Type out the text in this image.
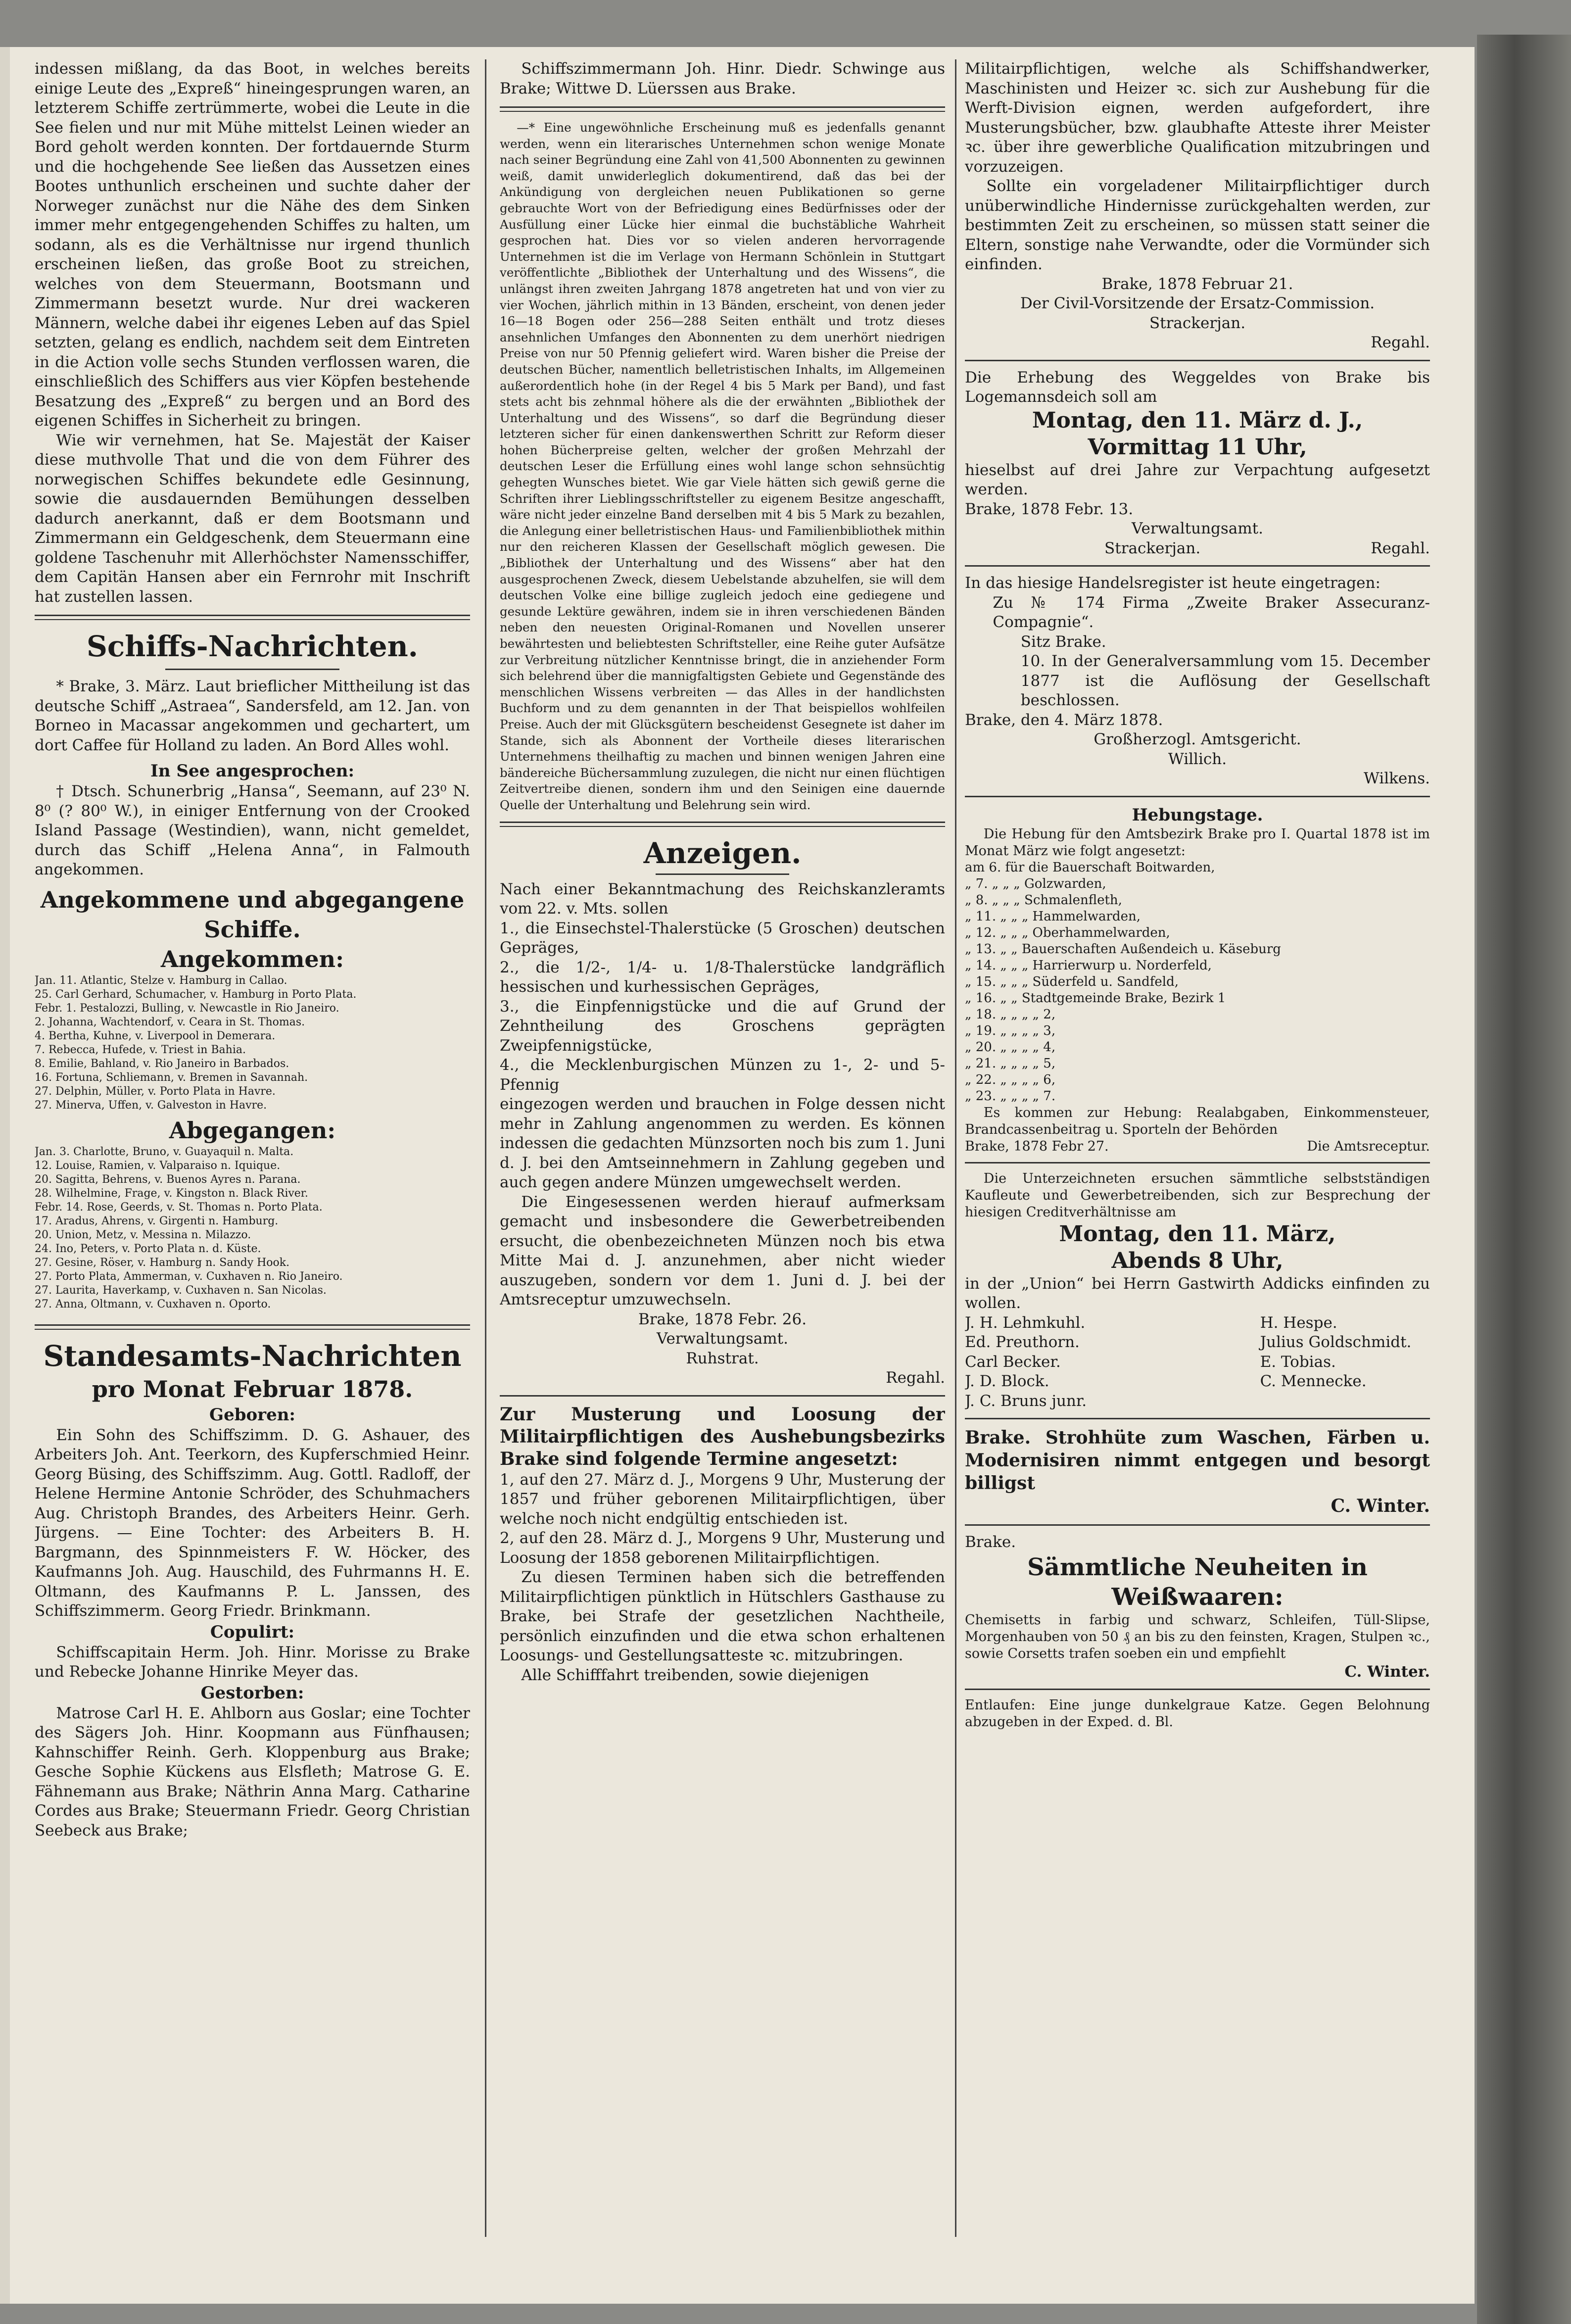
indessen mißlang, da das Boot, in welches bereits einige Leute des „Expreß“ hineingesprungen waren, an letzterem Schiffe zertrümmerte, wobei die Leute in die See fielen und nur mit Mühe mittelst Leinen wieder an Bord geholt werden konnten. Der fortdauernde Sturm und die hochgehende See ließen das Aussetzen eines Bootes unthunlich erscheinen und suchte daher der Norweger zunächst nur die Nähe des dem Sinken immer mehr entgegengehenden Schiffes zu halten, um sodann, als es die Verhältnisse nur irgend thunlich erscheinen ließen, das große Boot zu streichen, welches von dem Steuermann, Bootsmann und Zimmermann besetzt wurde. Nur drei wackeren Männern, welche dabei ihr eigenes Leben auf das Spiel setzten, gelang es endlich, nachdem seit dem Eintreten in die Action volle sechs Stunden verflossen waren, die einschließlich des Schiffers aus vier Köpfen bestehende Besatzung des „Expreß“ zu bergen und an Bord des eigenen Schiffes in Sicherheit zu bringen.

Wie wir vernehmen, hat Se. Majestät der Kaiser diese muthvolle That und die von dem Führer des norwegischen Schiffes bekundete edle Gesinnung, sowie die ausdauernden Bemühungen desselben dadurch anerkannt, daß er dem Bootsmann und Zimmermann ein Geldgeschenk, dem Steuermann eine goldene Taschenuhr mit Allerhöchster Namensschiffer, dem Capitän Hansen aber ein Fernrohr mit Inschrift hat zustellen lassen.

Schiffs-Nachrichten.

* Brake, 3. März. Laut brieflicher Mittheilung ist das deutsche Schiff „Astraea“, Sandersfeld, am 12. Jan. von Borneo in Macassar angekommen und gechartert, um dort Caffee für Holland zu laden. An Bord Alles wohl.

In See angesprochen:

† Dtsch. Schunerbrig „Hansa“, Seemann, auf 23⁰ N. 8⁰ (? 80⁰ W.), in einiger Entfernung von der Crooked Island Passage (Westindien), wann, nicht gemeldet, durch das Schiff „Helena Anna“, in Falmouth angekommen.

Angekommene und abgegangene Schiffe.
Angekommen:
Jan. 11. Atlantic, Stelze v. Hamburg in Callao.
25. Carl Gerhard, Schumacher, v. Hamburg in Porto Plata.
Febr. 1. Pestalozzi, Bulling, v. Newcastle in Rio Janeiro.
2. Johanna, Wachtendorf, v. Ceara in St. Thomas.
4. Bertha, Kuhne, v. Liverpool in Demerara.
7. Rebecca, Hufede, v. Triest in Bahia.
8. Emilie, Bahland, v. Rio Janeiro in Barbados.
16. Fortuna, Schliemann, v. Bremen in Savannah.
27. Delphin, Müller, v. Porto Plata in Havre.
27. Minerva, Uffen, v. Galveston in Havre.
Abgegangen:
Jan. 3. Charlotte, Bruno, v. Guayaquil n. Malta.
12. Louise, Ramien, v. Valparaiso n. Iquique.
20. Sagitta, Behrens, v. Buenos Ayres n. Parana.
28. Wilhelmine, Frage, v. Kingston n. Black River.
Febr. 14. Rose, Geerds, v. St. Thomas n. Porto Plata.
17. Aradus, Ahrens, v. Girgenti n. Hamburg.
20. Union, Metz, v. Messina n. Milazzo.
24. Ino, Peters, v. Porto Plata n. d. Küste.
27. Gesine, Röser, v. Hamburg n. Sandy Hook.
27. Porto Plata, Ammerman, v. Cuxhaven n. Rio Janeiro.
27. Laurita, Haverkamp, v. Cuxhaven n. San Nicolas.
27. Anna, Oltmann, v. Cuxhaven n. Oporto.
Standesamts-Nachrichten
pro Monat Februar 1878.
Geboren:

Ein Sohn des Schiffszimm. D. G. Ashauer, des Arbeiters Joh. Ant. Teerkorn, des Kupferschmied Heinr. Georg Büsing, des Schiffszimm. Aug. Gottl. Radloff, der Helene Hermine Antonie Schröder, des Schuhmachers Aug. Christoph Brandes, des Arbeiters Heinr. Gerh. Jürgens. — Eine Tochter: des Arbeiters B. H. Bargmann, des Spinnmeisters F. W. Höcker, des Kaufmanns Joh. Aug. Hauschild, des Fuhrmanns H. E. Oltmann, des Kaufmanns P. L. Janssen, des Schiffszimmerm. Georg Friedr. Brinkmann.

Copulirt:

Schiffscapitain Herm. Joh. Hinr. Morisse zu Brake und Rebecke Johanne Hinrike Meyer das.

Gestorben:

Matrose Carl H. E. Ahlborn aus Goslar; eine Tochter des Sägers Joh. Hinr. Koopmann aus Fünfhausen; Kahnschiffer Reinh. Gerh. Kloppenburg aus Brake; Gesche Sophie Kückens aus Elsfleth; Matrose G. E. Fähnemann aus Brake; Näthrin Anna Marg. Catharine Cordes aus Brake; Steuermann Friedr. Georg Christian Seebeck aus Brake;

Schiffszimmermann Joh. Hinr. Diedr. Schwinge aus Brake; Wittwe D. Lüerssen aus Brake.

—* Eine ungewöhnliche Erscheinung muß es jedenfalls genannt werden, wenn ein literarisches Unternehmen schon wenige Monate nach seiner Begründung eine Zahl von 41,500 Abonnenten zu gewinnen weiß, damit unwiderleglich dokumentirend, daß das bei der Ankündigung von dergleichen neuen Publikationen so gerne gebrauchte Wort von der Befriedigung eines Bedürfnisses oder der Ausfüllung einer Lücke hier einmal die buchstäbliche Wahrheit gesprochen hat. Dies vor so vielen anderen hervorragende Unternehmen ist die im Verlage von Hermann Schönlein in Stuttgart veröffentlichte „Bibliothek der Unterhaltung und des Wissens“, die unlängst ihren zweiten Jahrgang 1878 angetreten hat und von vier zu vier Wochen, jährlich mithin in 13 Bänden, erscheint, von denen jeder 16—18 Bogen oder 256—288 Seiten enthält und trotz dieses ansehnlichen Umfanges den Abonnenten zu dem unerhört niedrigen Preise von nur 50 Pfennig geliefert wird. Waren bisher die Preise der deutschen Bücher, namentlich belletristischen Inhalts, im Allgemeinen außerordentlich hohe (in der Regel 4 bis 5 Mark per Band), und fast stets acht bis zehnmal höhere als die der erwähnten „Bibliothek der Unterhaltung und des Wissens“, so darf die Begründung dieser letzteren sicher für einen dankenswerthen Schritt zur Reform dieser hohen Bücherpreise gelten, welcher der großen Mehrzahl der deutschen Leser die Erfüllung eines wohl lange schon sehnsüchtig gehegten Wunsches bietet. Wie gar Viele hätten sich gewiß gerne die Schriften ihrer Lieblingsschriftsteller zu eigenem Besitze angeschafft, wäre nicht jeder einzelne Band derselben mit 4 bis 5 Mark zu bezahlen, die Anlegung einer belletristischen Haus- und Familienbibliothek mithin nur den reicheren Klassen der Gesellschaft möglich gewesen. Die „Bibliothek der Unterhaltung und des Wissens“ aber hat den ausgesprochenen Zweck, diesem Uebelstande abzuhelfen, sie will dem deutschen Volke eine billige zugleich jedoch eine gediegene und gesunde Lektüre gewähren, indem sie in ihren verschiedenen Bänden neben den neuesten Original-Romanen und Novellen unserer bewährtesten und beliebtesten Schriftsteller, eine Reihe guter Aufsätze zur Verbreitung nützlicher Kenntnisse bringt, die in anziehender Form sich belehrend über die mannigfaltigsten Gebiete und Gegenstände des menschlichen Wissens verbreiten — das Alles in der handlichsten Buchform und zu dem genannten in der That beispiellos wohlfeilen Preise. Auch der mit Glücksgütern bescheidenst Gesegnete ist daher im Stande, sich als Abonnent der Vortheile dieses literarischen Unternehmens theilhaftig zu machen und binnen wenigen Jahren eine bändereiche Büchersammlung zuzulegen, die nicht nur einen flüchtigen Zeitvertreibe dienen, sondern ihm und den Seinigen eine dauernde Quelle der Unterhaltung und Belehrung sein wird.

Anzeigen.

Nach einer Bekanntmachung des Reichskanzleramts vom 22. v. Mts. sollen

1., die Einsechstel-Thalerstücke (5 Groschen) deutschen Gepräges,
2., die 1/2-, 1/4- u. 1/8-Thalerstücke landgräflich hessischen und kurhessischen Gepräges,
3., die Einpfennigstücke und die auf Grund der Zehntheilung des Groschens geprägten Zweipfennigstücke,
4., die Mecklenburgischen Münzen zu 1-, 2- und 5-Pfennig

eingezogen werden und brauchen in Folge dessen nicht mehr in Zahlung angenommen zu werden. Es können indessen die gedachten Münzsorten noch bis zum 1. Juni d. J. bei den Amtseinnehmern in Zahlung gegeben und auch gegen andere Münzen umgewechselt werden.

Die Eingesessenen werden hierauf aufmerksam gemacht und insbesondere die Gewerbetreibenden ersucht, die obenbezeichneten Münzen noch bis etwa Mitte Mai d. J. anzunehmen, aber nicht wieder auszugeben, sondern vor dem 1. Juni d. J. bei der Amtsreceptur umzuwechseln.

Brake, 1878 Febr. 26.

Verwaltungsamt.

Ruhstrat.

Regahl.

Zur Musterung und Loosung der Militairpflichtigen des Aushebungsbezirks Brake sind folgende Termine angesetzt:

1, auf den 27. März d. J., Morgens 9 Uhr, Musterung der 1857 und früher geborenen Militairpflichtigen, über welche noch nicht endgültig entschieden ist.

2, auf den 28. März d. J., Morgens 9 Uhr, Musterung und Loosung der 1858 geborenen Militairpflichtigen.

Zu diesen Terminen haben sich die betreffenden Militairpflichtigen pünktlich in Hütschlers Gasthause zu Brake, bei Strafe der gesetzlichen Nachtheile, persönlich einzufinden und die etwa schon erhaltenen Loosungs- und Gestellungsatteste ꝛc. mitzubringen.

Alle Schifffahrt treibenden, sowie diejenigen

Militairpflichtigen, welche als Schiffshandwerker, Maschinisten und Heizer ꝛc. sich zur Aushebung für die Werft-Division eignen, werden aufgefordert, ihre Musterungsbücher, bzw. glaubhafte Atteste ihrer Meister ꝛc. über ihre gewerbliche Qualification mitzubringen und vorzuzeigen.

Sollte ein vorgeladener Militairpflichtiger durch unüberwindliche Hindernisse zurückgehalten werden, zur bestimmten Zeit zu erscheinen, so müssen statt seiner die Eltern, sonstige nahe Verwandte, oder die Vormünder sich einfinden.

Brake, 1878 Februar 21.

Der Civil-Vorsitzende der Ersatz-Commission.

Strackerjan.

Regahl.

Die Erhebung des Weggeldes von Brake bis Logemannsdeich soll am

Montag, den 11. März d. J.,

Vormittag 11 Uhr,

hieselbst auf drei Jahre zur Verpachtung aufgesetzt werden.

Brake, 1878 Febr. 13.

Verwaltungsamt.

Strackerjan.	Regahl.

In das hiesige Handelsregister ist heute eingetragen:

Zu № 174 Firma „Zweite Braker Assecuranz-Compagnie“.

Sitz Brake.

10. In der Generalversammlung vom 15. December 1877 ist die Auflösung der Gesellschaft beschlossen.

Brake, den 4. März 1878.

Großherzogl. Amtsgericht.

Willich.

Wilkens.

Hebungstage.

Die Hebung für den Amtsbezirk Brake pro I. Quartal 1878 ist im Monat März wie folgt angesetzt:

am 6. für die Bauerschaft Boitwarden,
„ 7. „ „ „ Golzwarden,
„ 8. „ „ „ Schmalenfleth,
„ 11. „ „ „ Hammelwarden,
„ 12. „ „ „ Oberhammelwarden,
„ 13. „ „ Bauerschaften Außendeich u. Käseburg
„ 14. „ „ „ Harrierwurp u. Norderfeld,
„ 15. „ „ „ Süderfeld u. Sandfeld,
„ 16. „ „ Stadtgemeinde Brake, Bezirk 1
„ 18. „ „ „ „ 2,
„ 19. „ „ „ „ 3,
„ 20. „ „ „ „ 4,
„ 21. „ „ „ „ 5,
„ 22. „ „ „ „ 6,
„ 23. „ „ „ „ 7.

Es kommen zur Hebung: Realabgaben, Einkommensteuer, Brandcassenbeitrag u. Sporteln der Behörden

Brake, 1878 Febr 27.	Die Amtsreceptur.

Die Unterzeichneten ersuchen sämmtliche selbstständigen Kaufleute und Gewerbetreibenden, sich zur Besprechung der hiesigen Creditverhältnisse am

Montag, den 11. März,

Abends 8 Uhr,

in der „Union“ bei Herrn Gastwirth Addicks einfinden zu wollen.

J. H. Lehmkuhl.
Ed. Preuthorn.
Carl Becker.
J. D. Block.
J. C. Bruns junr.
H. Hespe.
Julius Goldschmidt.
E. Tobias.
C. Mennecke.

Brake. Strohhüte zum Waschen, Färben u. Modernisiren nimmt entgegen und besorgt billigst

C. Winter.

Brake.

Sämmtliche Neuheiten in Weißwaaren:

Chemisetts in farbig und schwarz, Schleifen, Tüll-Slipse, Morgenhauben von 50 ₰ an bis zu den feinsten, Kragen, Stulpen ꝛc., sowie Corsetts trafen soeben ein und empfiehlt

C. Winter.

Entlaufen: Eine junge dunkelgraue Katze. Gegen Belohnung abzugeben in der Exped. d. Bl.
